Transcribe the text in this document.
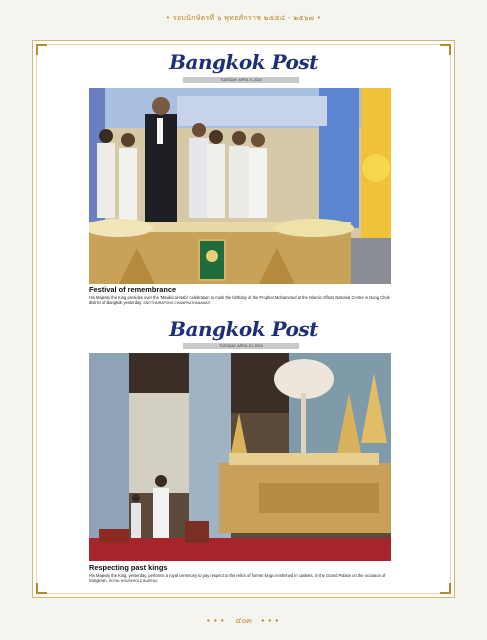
• รอบนักษัตรที่ ๖ พุทธศักราช ๒๕๕๔ - ๒๕๖๗ •
Bangkok Post
TUESDAY, APRIL 9, 2019
Festival of remembrance
His Majesty the King presides over the 'Mawlid al-Nabi' celebration to mark the birthday of the Prophet Mohammed at the Islamic Affairs National Centre in Nong Chok district of Bangkok yesterday. SNITTHAIRAPONG CHAMPHATHANAMATI
Bangkok Post
TUESDAY, APRIL 10, 2019
Respecting past kings
His Majesty the King, yesterday, performs a royal ceremony to pay respect to the relics of former kings enshrined in caskets, in the Grand Palace on the occasion of Songkran. ROYAL HOUSEHOLD BUREAU
∙∙∙ ๔๐๓ ∙∙∙
